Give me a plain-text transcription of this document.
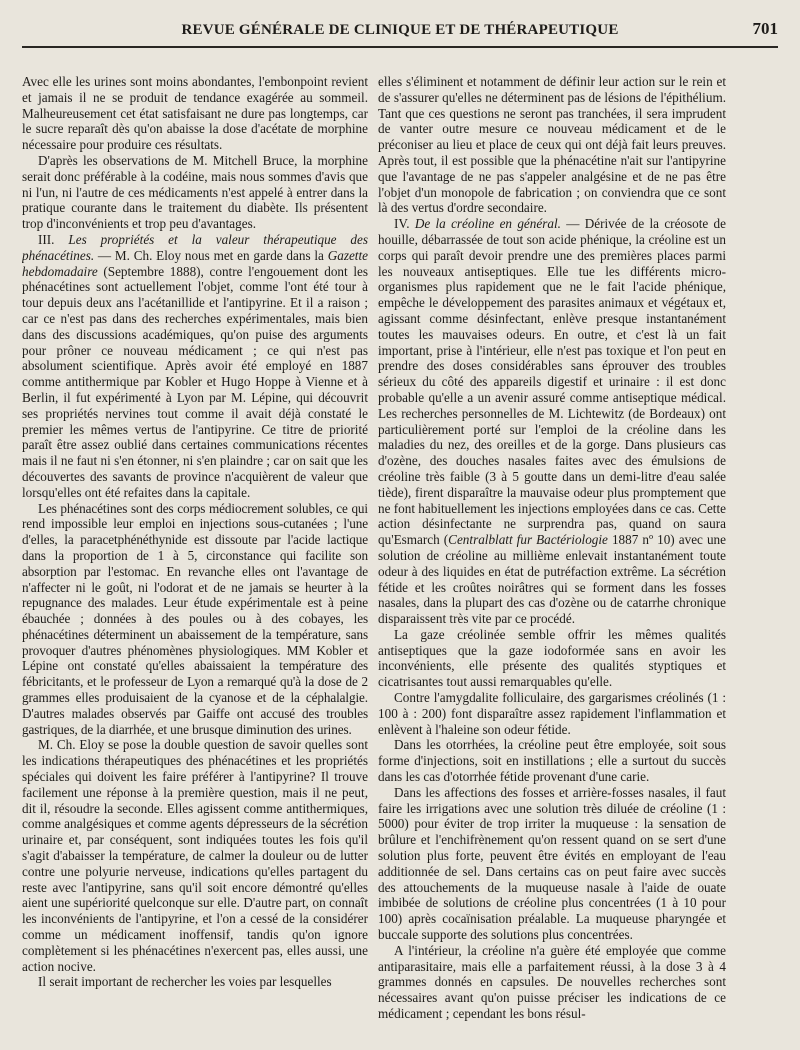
REVUE GÉNÉRALE DE CLINIQUE ET DE THÉRAPEUTIQUE	701

Avec elle les urines sont moins abondantes, l'embonpoint revient et jamais il ne se produit de tendance exagérée au sommeil. Malheureusement cet état satisfaisant ne dure pas longtemps, car le sucre reparaît dès qu'on abaisse la dose d'acétate de morphine nécessaire pour produire ces résultats.

D'après les observations de M. Mitchell Bruce, la morphine serait donc préférable à la codéine, mais nous sommes d'avis que ni l'un, ni l'autre de ces médicaments n'est appelé à entrer dans la pratique courante dans le traitement du diabète. Ils présentent trop d'inconvénients et trop peu d'avantages.

III. Les propriétés et la valeur thérapeutique des phénacétines. — M. Ch. Eloy nous met en garde dans la Gazette hebdomadaire (Septembre 1888), contre l'engouement dont les phénacétines sont actuellement l'objet, comme l'ont été tour à tour depuis deux ans l'acétanillide et l'antipyrine. Et il a raison ; car ce n'est pas dans des recherches expérimentales, mais bien dans des discussions académiques, qu'on puise des arguments pour prôner ce nouveau médicament ; ce qui n'est pas absolument scientifique. Après avoir été employé en 1887 comme antithermique par Kobler et Hugo Hoppe à Vienne et à Berlin, il fut expérimenté à Lyon par M. Lépine, qui découvrit ses propriétés nervines tout comme il avait déjà constaté le premier les mêmes vertus de l'antipyrine. Ce titre de priorité paraît être assez oublié dans certaines communications récentes mais il ne faut ni s'en étonner, ni s'en plaindre ; car on sait que les découvertes des savants de province n'acquièrent de valeur que lorsqu'elles ont été refaites dans la capitale.

Les phénacétines sont des corps médiocrement solubles, ce qui rend impossible leur emploi en injections sous-cutanées ; l'une d'elles, la paracetphénéthynide est dissoute par l'acide lactique dans la proportion de 1 à 5, circonstance qui facilite son absorption par l'estomac. En revanche elles ont l'avantage de n'affecter ni le goût, ni l'odorat et de ne jamais se heurter à la repugnance des malades. Leur étude expérimentale est à peine ébauchée ; données à des poules ou à des cobayes, les phénacétines déterminent un abaissement de la température, sans provoquer d'autres phénomènes physiologiques. MM Kobler et Lépine ont constaté qu'elles abaissaient la température des fébricitants, et le professeur de Lyon a remarqué qu'à la dose de 2 grammes elles produisaient de la cyanose et de la céphalalgie. D'autres malades observés par Gaiffe ont accusé des troubles gastriques, de la diarrhée, et une brusque diminution des urines.

M. Ch. Eloy se pose la double question de savoir quelles sont les indications thérapeutiques des phénacétines et les propriétés spéciales qui doivent les faire préférer à l'antipyrine? Il trouve facilement une réponse à la première question, mais il ne peut, dit il, résoudre la seconde. Elles agissent comme antithermiques, comme analgésiques et comme agents dépresseurs de la sécrétion urinaire et, par conséquent, sont indiquées toutes les fois qu'il s'agit d'abaisser la température, de calmer la douleur ou de lutter contre une polyurie nerveuse, indications qu'elles partagent du reste avec l'antipyrine, sans qu'il soit encore démontré qu'elles aient une supériorité quelconque sur elle. D'autre part, on connaît les inconvénients de l'antipyrine, et l'on a cessé de la considérer comme un médicament inoffensif, tandis qu'on ignore complètement si les phénacétines n'exercent pas, elles aussi, une action nocive.

Il serait important de rechercher les voies par lesquelles

elles s'éliminent et notamment de définir leur action sur le rein et de s'assurer qu'elles ne déterminent pas de lésions de l'épithélium. Tant que ces questions ne seront pas tranchées, il sera imprudent de vanter outre mesure ce nouveau médicament et de le préconiser au lieu et place de ceux qui ont déjà fait leurs preuves. Après tout, il est possible que la phénacétine n'ait sur l'antipyrine que l'avantage de ne pas s'appeler analgésine et de ne pas être l'objet d'un monopole de fabrication ; on conviendra que ce sont là des vertus d'ordre secondaire.

IV. De la créoline en général. — Dérivée de la créosote de houille, débarrassée de tout son acide phénique, la créoline est un corps qui paraît devoir prendre une des premières places parmi les nouveaux antiseptiques. Elle tue les différents micro-organismes plus rapidement que ne le fait l'acide phénique, empêche le développement des parasites animaux et végétaux et, agissant comme désinfectant, enlève presque instantanément toutes les mauvaises odeurs. En outre, et c'est là un fait important, prise à l'intérieur, elle n'est pas toxique et l'on peut en prendre des doses considérables sans éprouver des troubles sérieux du côté des appareils digestif et urinaire : il est donc probable qu'elle a un avenir assuré comme antiseptique médical. Les recherches personnelles de M. Lichtewitz (de Bordeaux) ont particulièrement porté sur l'emploi de la créoline dans les maladies du nez, des oreilles et de la gorge. Dans plusieurs cas d'ozène, des douches nasales faites avec des émulsions de créoline très faible (3 à 5 goutte dans un demi-litre d'eau salée tiède), firent disparaître la mauvaise odeur plus promptement que ne font habituellement les injections employées dans ce cas. Cette action désinfectante ne surprendra pas, quand on saura qu'Esmarch (Centralblatt fur Bactériologie 1887 nº 10) avec une solution de créoline au millième enlevait instantanément toute odeur à des liquides en état de putréfaction extrême. La sécrétion fétide et les croûtes noirâtres qui se forment dans les fosses nasales, dans la plupart des cas d'ozène ou de catarrhe chronique disparaissent très vite par ce procédé.

La gaze créolinée semble offrir les mêmes qualités antiseptiques que la gaze iodoformée sans en avoir les inconvénients, elle présente des qualités styptiques et cicatrisantes tout aussi remarquables qu'elle.

Contre l'amygdalite folliculaire, des gargarismes créolinés (1 : 100 à : 200) font disparaître assez rapidement l'inflammation et enlèvent à l'haleine son odeur fétide.

Dans les otorrhées, la créoline peut être employée, soit sous forme d'injections, soit en instillations ; elle a surtout du succès dans les cas d'otorrhée fétide provenant d'une carie.

Dans les affections des fosses et arrière-fosses nasales, il faut faire les irrigations avec une solution très diluée de créoline (1 : 5000) pour éviter de trop irriter la muqueuse : la sensation de brûlure et l'enchifrènement qu'on ressent quand on se sert d'une solution plus forte, peuvent être évités en employant de l'eau additionnée de sel. Dans certains cas on peut faire avec succès des attouchements de la muqueuse nasale à l'aide de ouate imbibée de solutions de créoline plus concentrées (1 à 10 pour 100) après cocaïnisation préalable. La muqueuse pharyngée et buccale supporte des solutions plus concentrées.

A l'intérieur, la créoline n'a guère été employée que comme antiparasitaire, mais elle a parfaitement réussi, à la dose 3 à 4 grammes donnés en capsules. De nouvelles recherches sont nécessaires avant qu'on puisse préciser les indications de ce médicament ; cependant les bons résul-
